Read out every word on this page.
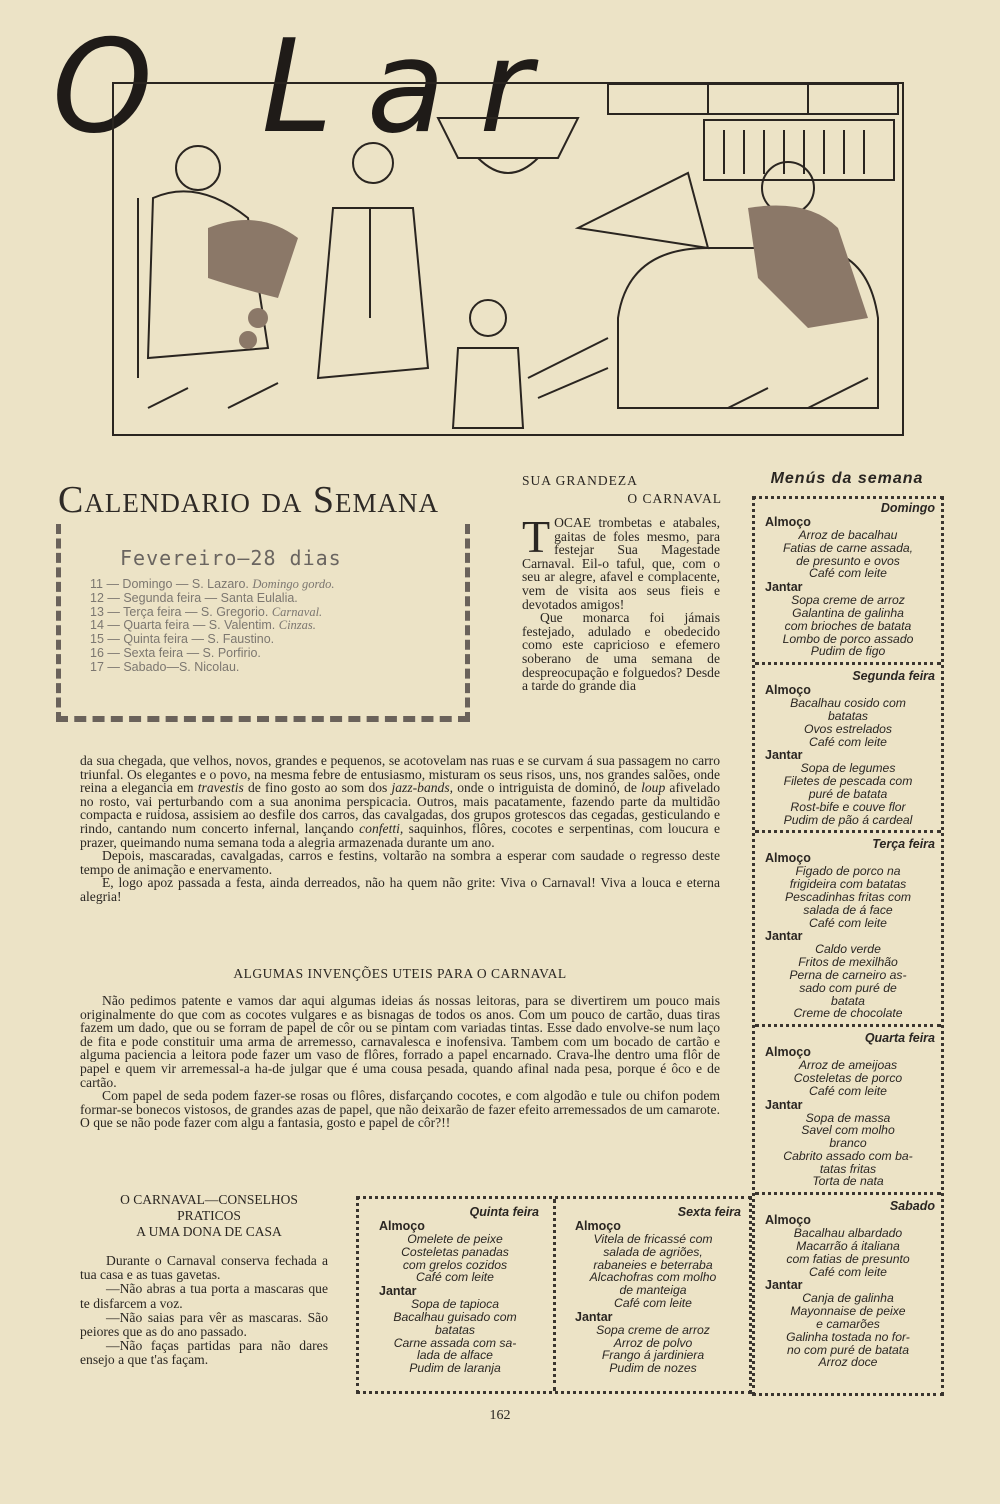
O Lar
Calendario da Semana
Fevereiro—28 dias
11 — Domingo — S. Lazaro. Domingo gordo.
12 — Segunda feira — Santa Eulalia.
13 — Terça feira — S. Gregorio. Carnaval.
14 — Quarta feira — S. Valentim. Cinzas.
15 — Quinta feira — S. Faustino.
16 — Sexta feira — S. Porfirio.
17 — Sabado—S. Nicolau.
SUA GRANDEZA
O CARNAVAL
TOCAE trombetas e atabales, gaitas de foles mesmo, para festejar Sua Magestade Carnaval. Eil-o taful, que, com o seu ar alegre, afavel e complacente, vem de visita aos seus fieis e devotados amigos!
Que monarca foi jámais festejado, adulado e obedecido como este capricioso e efemero soberano de uma semana de despreocupação e folguedos? Desde a tarde do grande dia
da sua chegada, que velhos, novos, grandes e pequenos, se acotovelam nas ruas e se curvam á sua passagem no carro triunfal. Os elegantes e o povo, na mesma febre de entusiasmo, misturam os seus risos, uns, nos grandes salões, onde reina a elegancia em travestis de fino gosto ao som dos jazz-bands, onde o intriguista de dominó, de loup afivelado no rosto, vai perturbando com a sua anonima perspicacia. Outros, mais pacatamente, fazendo parte da multidão compacta e ruidosa, assisiem ao desfile dos carros, das cavalgadas, dos grupos grotescos das cegadas, gesticulando e rindo, cantando num concerto infernal, lançando confetti, saquinhos, flôres, cocotes e serpentinas, com loucura e prazer, queimando numa semana toda a alegria armazenada durante um ano.
Depois, mascaradas, cavalgadas, carros e festins, voltarão na sombra a esperar com saudade o regresso deste tempo de animação e enervamento.
E, logo apoz passada a festa, ainda derreados, não ha quem não grite: Viva o Carnaval! Viva a louca e eterna alegria!
ALGUMAS INVENÇÕES UTEIS PARA O CARNAVAL
Não pedimos patente e vamos dar aqui algumas ideias ás nossas leitoras, para se divertirem um pouco mais originalmente do que com as cocotes vulgares e as bisnagas de todos os anos. Com um pouco de cartão, duas tiras fazem um dado, que ou se forram de papel de côr ou se pintam com variadas tintas. Esse dado envolve-se num laço de fita e pode constituir uma arma de arremesso, carnavalesca e inofensiva. Tambem com um bocado de cartão e alguma paciencia a leitora pode fazer um vaso de flôres, forrado a papel encarnado. Crava-lhe dentro uma flôr de papel e quem vir arremessal-a ha-de julgar que é uma cousa pesada, quando afinal nada pesa, porque é ôco e de cartão.
Com papel de seda podem fazer-se rosas ou flôres, disfarçando cocotes, e com algodão e tule ou chifon podem formar-se bonecos vistosos, de grandes azas de papel, que não deixarão de fazer efeito arremessados de um camarote. O que se não pode fazer com algu a fantasia, gosto e papel de côr?!!
O CARNAVAL—CONSELHOS
PRATICOS
A UMA DONA DE CASA
Durante o Carnaval conserva fechada a tua casa e as tuas gavetas.
—Não abras a tua porta a mascaras que te disfarcem a voz.
—Não saias para vêr as mascaras. São peiores que as do ano passado.
—Não faças partidas para não dares ensejo a que t'as façam.
Menús da semana
Domingo
Almoço
Arroz de bacalhau
Fatias de carne assada,
de presunto e ovos
Café com leite
Jantar
Sopa creme de arroz
Galantina de galinha
com brioches de batata
Lombo de porco assado
Pudim de figo
Segunda feira
Almoço
Bacalhau cosido com
batatas
Ovos estrelados
Café com leite
Jantar
Sopa de legumes
Filetes de pescada com
puré de batata
Rost-bife e couve flor
Pudim de pão á cardeal
Terça feira
Almoço
Figado de porco na
frigideira com batatas
Pescadinhas fritas com
salada de á face
Café com leite
Jantar
Caldo verde
Fritos de mexilhão
Perna de carneiro as-
sado com puré de
batata
Creme de chocolate
Quarta feira
Almoço
Arroz de ameijoas
Costeletas de porco
Café com leite
Jantar
Sopa de massa
Savel com molho
branco
Cabrito assado com ba-
tatas fritas
Torta de nata
Sabado
Almoço
Bacalhau albardado
Macarrão á italiana
com fatias de presunto
Café com leite
Jantar
Canja de galinha
Mayonnaise de peixe
e camarões
Galinha tostada no for-
no com puré de batata
Arroz doce
Quinta feira
Almoço
Omelete de peixe
Costeletas panadas
com grelos cozidos
Café com leite
Jantar
Sopa de tapioca
Bacalhau guisado com
batatas
Carne assada com sa-
lada de alface
Pudim de laranja
Sexta feira
Almoço
Vitela de fricassé com
salada de agriões,
rabaneies e beterraba
Alcachofras com molho
de manteiga
Café com leite
Jantar
Sopa creme de arroz
Arroz de polvo
Frango á jardiniera
Pudim de nozes
162
